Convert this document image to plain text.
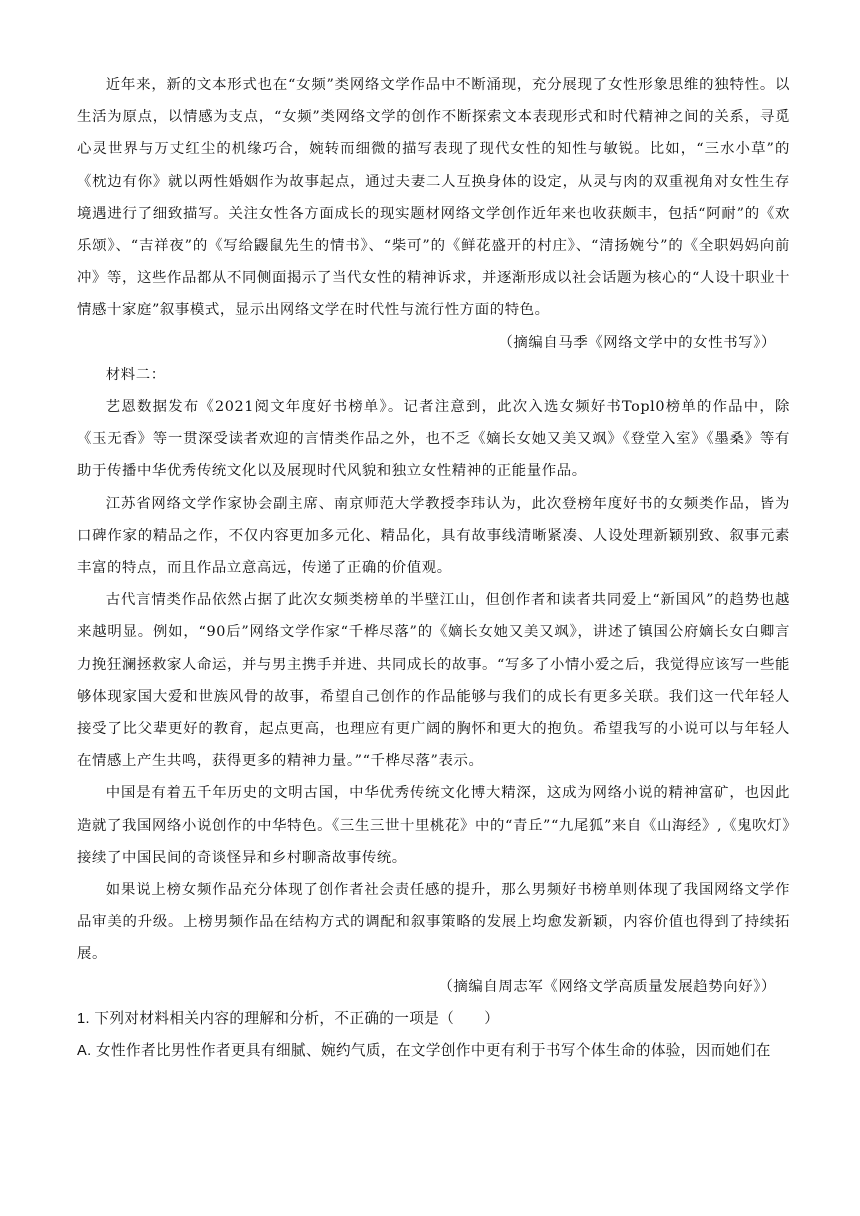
近年来，新的文本形式也在“女频”类网络文学作品中不断涌现，充分展现了女性形象思维的独特性。以生活为原点，以情感为支点，“女频”类网络文学的创作不断探索文本表现形式和时代精神之间的关系，寻觅心灵世界与万丈红尘的机缘巧合，婉转而细微的描写表现了现代女性的知性与敏锐。比如，“三水小草”的《枕边有你》就以两性婚姻作为故事起点，通过夫妻二人互换身体的设定，从灵与肉的双重视角对女性生存境遇进行了细致描写。关注女性各方面成长的现实题材网络文学创作近年来也收获颇丰，包括“阿耐”的《欢乐颂》、“吉祥夜”的《写给鼹鼠先生的情书》、“柴可”的《鲜花盛开的村庄》、“清扬婉兮”的《全职妈妈向前冲》等，这些作品都从不同侧面揭示了当代女性的精神诉求，并逐渐形成以社会话题为核心的“人设十职业十情感十家庭”叙事模式，显示出网络文学在时代性与流行性方面的特色。

（摘编自马季《网络文学中的女性书写》）

材料二：

艺恩数据发布《2021阅文年度好书榜单》。记者注意到，此次入选女频好书Topl0榜单的作品中，除《玉无香》等一贯深受读者欢迎的言情类作品之外，也不乏《嫡长女她又美又飒》《登堂入室》《墨桑》等有助于传播中华优秀传统文化以及展现时代风貌和独立女性精神的正能量作品。

江苏省网络文学作家协会副主席、南京师范大学教授李玮认为，此次登榜年度好书的女频类作品，皆为口碑作家的精品之作，不仅内容更加多元化、精品化，具有故事线清晰紧凑、人设处理新颖别致、叙事元素丰富的特点，而且作品立意高远，传递了正确的价值观。

古代言情类作品依然占据了此次女频类榜单的半壁江山，但创作者和读者共同爱上“新国风”的趋势也越来越明显。例如，“90后”网络文学作家“千桦尽落”的《嫡长女她又美又飒》，讲述了镇国公府嫡长女白卿言力挽狂澜拯救家人命运，并与男主携手并进、共同成长的故事。“写多了小情小爱之后，我觉得应该写一些能够体现家国大爱和世族风骨的故事，希望自己创作的作品能够与我们的成长有更多关联。我们这一代年轻人接受了比父辈更好的教育，起点更高，也理应有更广阔的胸怀和更大的抱负。希望我写的小说可以与年轻人在情感上产生共鸣，获得更多的精神力量。”“千桦尽落”表示。

中国是有着五千年历史的文明古国，中华优秀传统文化博大精深，这成为网络小说的精神富矿，也因此造就了我国网络小说创作的中华特色。《三生三世十里桃花》中的“青丘”“九尾狐”来自《山海经》,《鬼吹灯》接续了中国民间的奇谈怪异和乡村聊斋故事传统。

如果说上榜女频作品充分体现了创作者社会责任感的提升，那么男频好书榜单则体现了我国网络文学作品审美的升级。上榜男频作品在结构方式的调配和叙事策略的发展上均愈发新颖，内容价值也得到了持续拓展。

（摘编自周志军《网络文学高质量发展趋势向好》）

1. 下列对材料相关内容的理解和分析，不正确的一项是（　　）

A. 女性作者比男性作者更具有细腻、婉约气质，在文学创作中更有利于书写个体生命的体验，因而她们在
